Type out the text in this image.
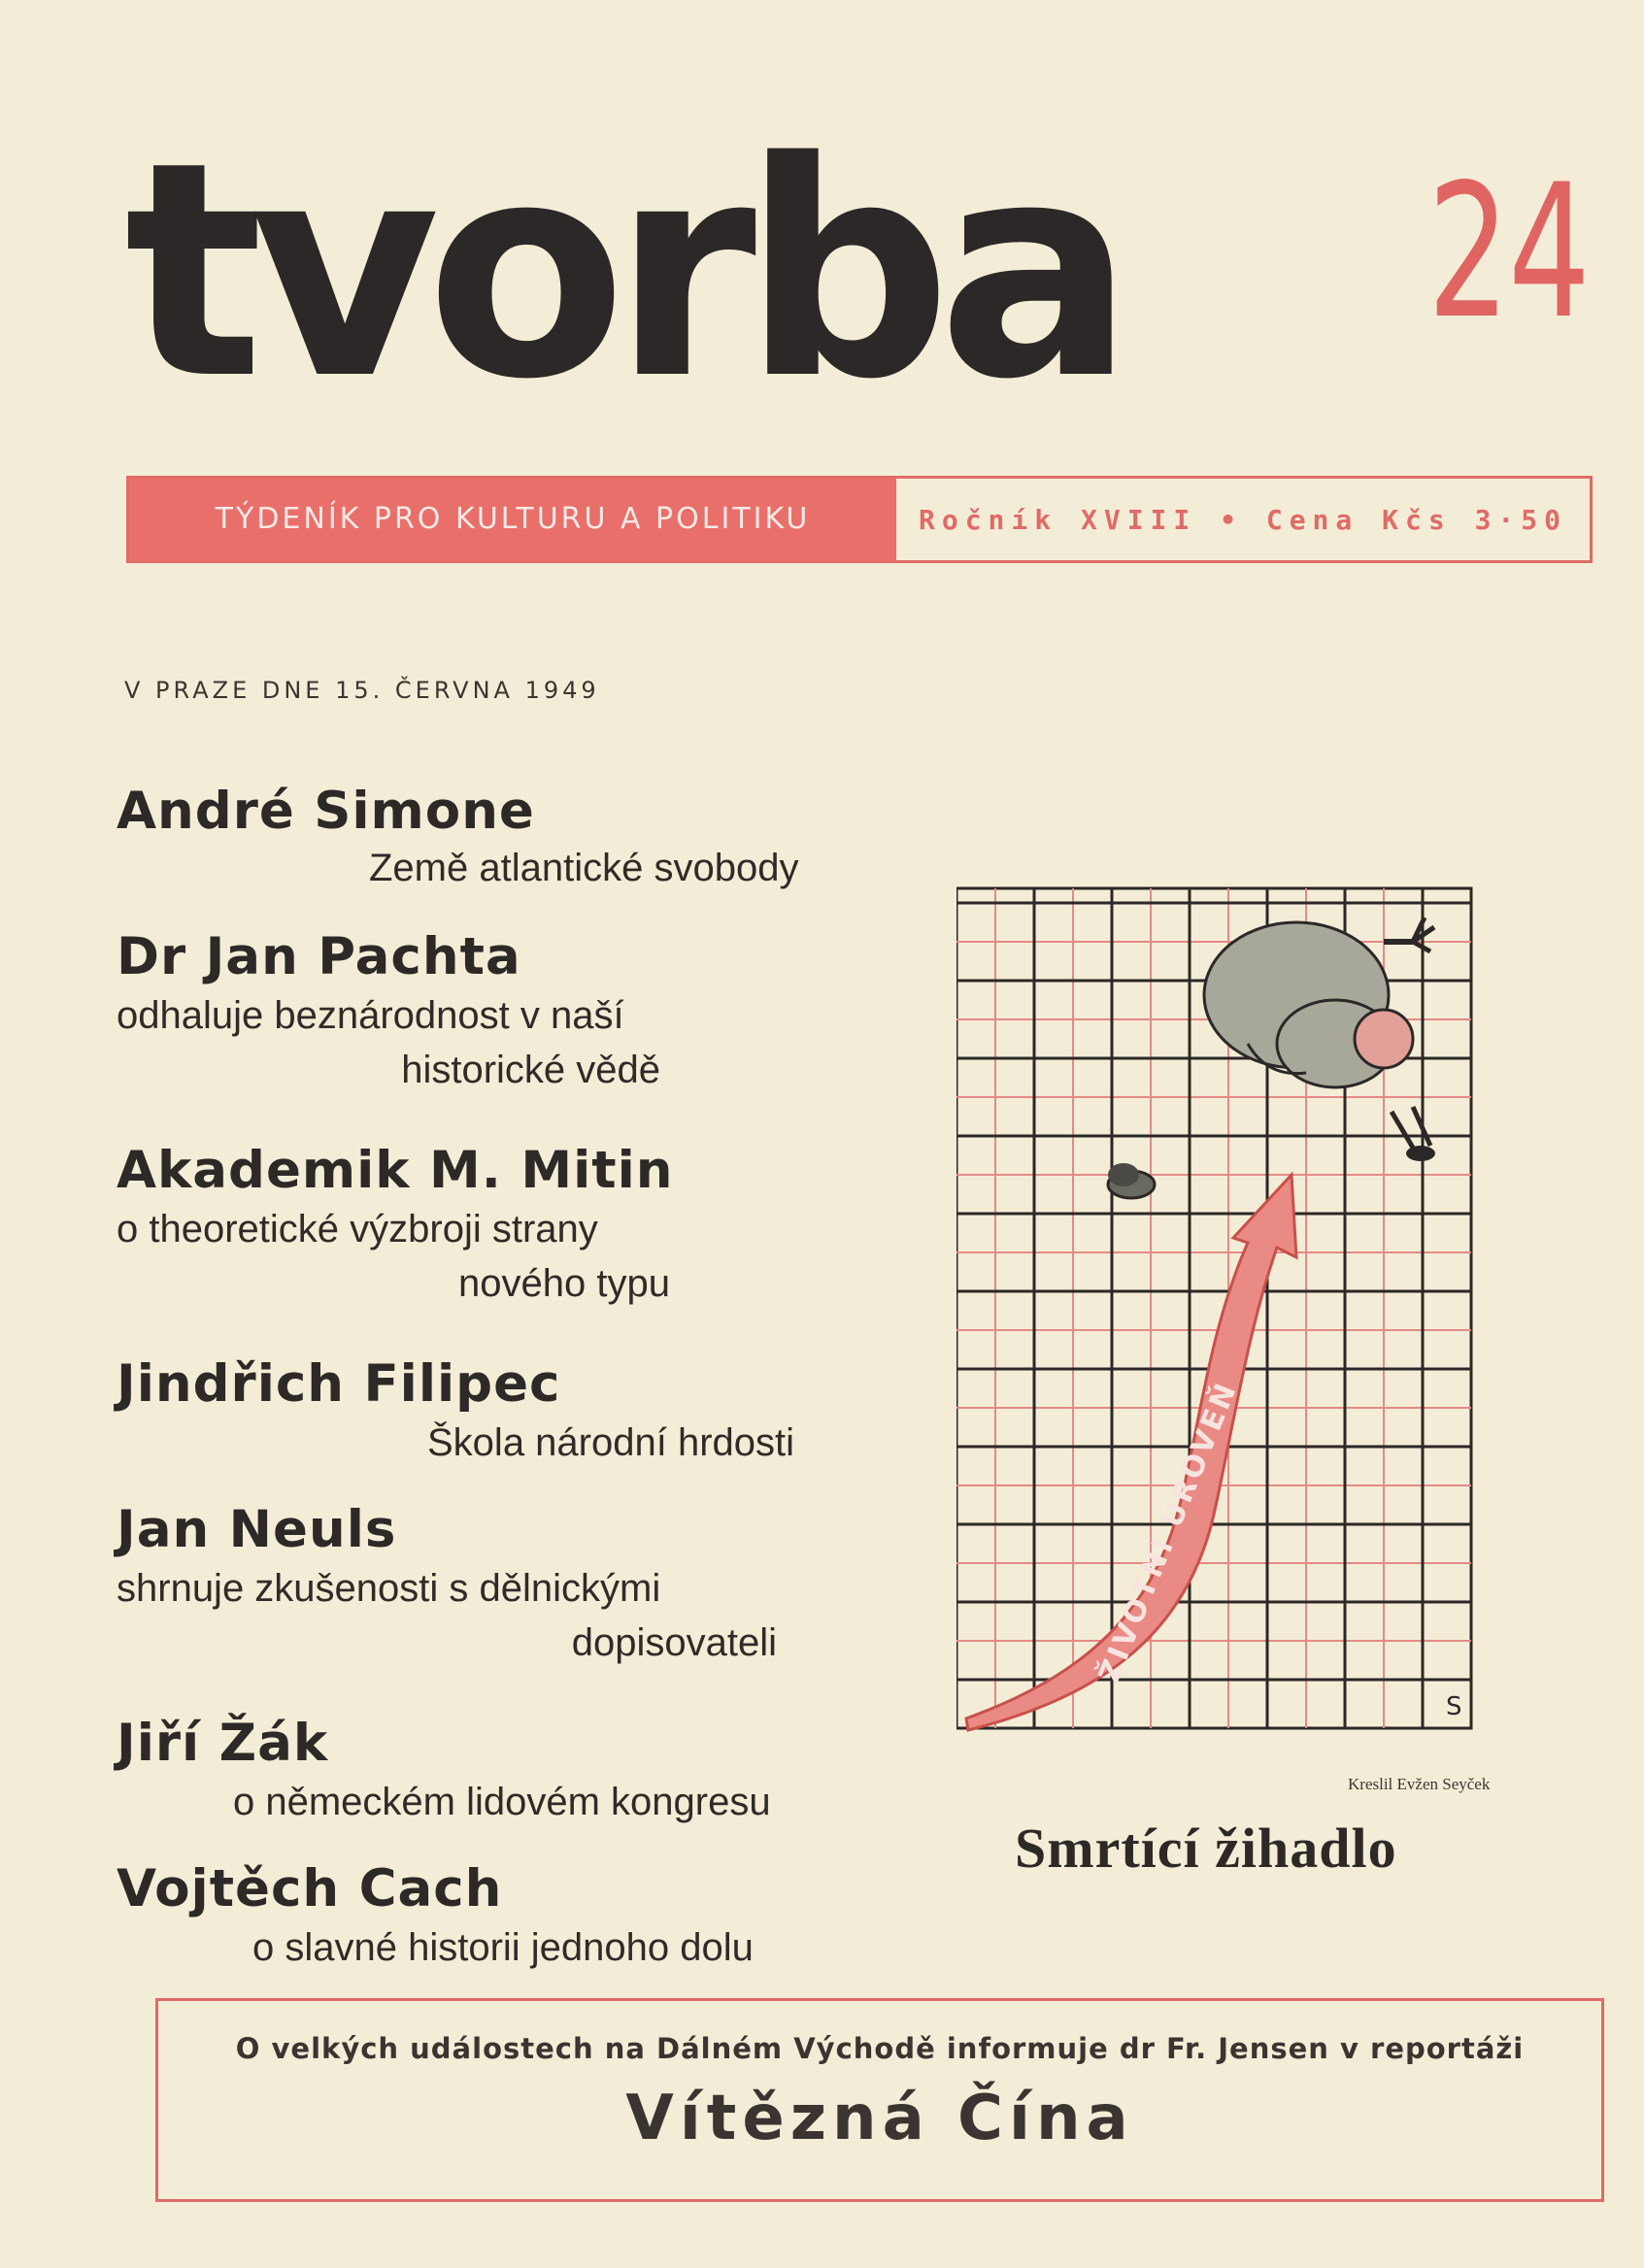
tvorba 24
TÝDENÍK PRO KULTURU A POLITIKU	Ročník XVIII • Cena Kčs 3·50
V PRAZE DNE 15. ČERVNA 1949
André Simone
Země atlantické svobody
Dr Jan Pachta
odhaluje beznárodnost v naší historické vědě
Akademik M. Mitin
o theoretické výzbroji strany nového typu
Jindřich Filipec
Škola národní hrdosti
Jan Neuls
shrnuje zkušenosti s dělnickými dopisovateli
Jiří Žák
o německém lidovém kongresu
Vojtěch Cach
o slavné historii jednoho dolu
ŽIVOTNÍ ÚROVEŇ
S
Kreslil Evžen Seyček
Smrtící žihadlo
O velkých událostech na Dálném Východě informuje dr Fr. Jensen v reportáži
Vítězná Čína
